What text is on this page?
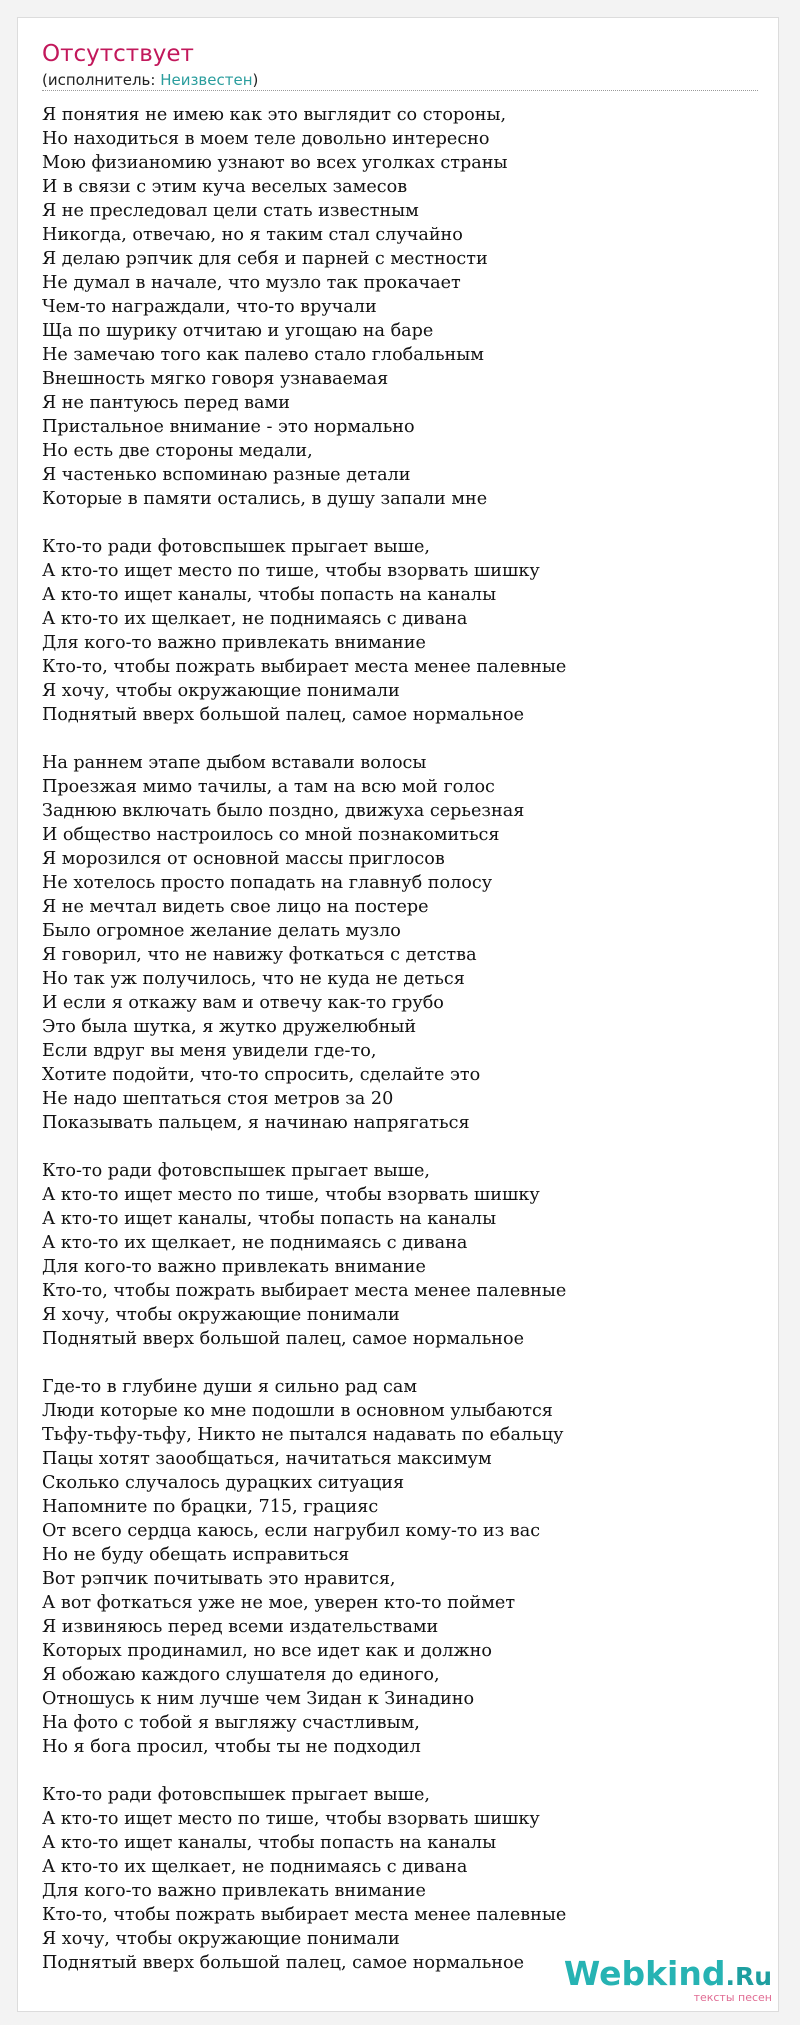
Отсутствует
(исполнитель: Неизвестен)
Я понятия не имею как это выглядит со стороны,
Но находиться в моем теле довольно интересно
Мою физианомию узнают во всех уголках страны
И в связи с этим куча веселых замесов
Я не преследовал цели стать известным
Никогда, отвечаю, но я таким стал случайно
Я делаю рэпчик для себя и парней с местности
Не думал в начале, что музло так прокачает
Чем-то награждали, что-то вручали
Ща по шурику отчитаю и угощаю на баре
Не замечаю того как палево стало глобальным
Внешность мягко говоря узнаваемая
Я не пантуюсь перед вами
Пристальное внимание - это нормально
Но есть две стороны медали,
Я частенько вспоминаю разные детали
Которые в памяти остались, в душу запали мне
Кто-то ради фотовспышек прыгает выше,
А кто-то ищет место по тише, чтобы взорвать шишку
А кто-то ищет каналы, чтобы попасть на каналы
А кто-то их щелкает, не поднимаясь с дивана
Для кого-то важно привлекать внимание
Кто-то, чтобы пожрать выбирает места менее палевные
Я хочу, чтобы окружающие понимали
Поднятый вверх большой палец, самое нормальное
На раннем этапе дыбом вставали волосы
Проезжая мимо тачилы, а там на всю мой голос
Заднюю включать было поздно, движуха серьезная
И общество настроилось со мной познакомиться
Я морозился от основной массы приглосов
Не хотелось просто попадать на главнуб полосу
Я не мечтал видеть свое лицо на постере
Было огромное желание делать музло
Я говорил, что не навижу фоткаться с детства
Но так уж получилось, что не куда не деться
И если я откажу вам и отвечу как-то грубо
Это была шутка, я жутко дружелюбный
Если вдруг вы меня увидели где-то,
Хотите подойти, что-то спросить, сделайте это
Не надо шептаться стоя метров за 20
Показывать пальцем, я начинаю напрягаться
Кто-то ради фотовспышек прыгает выше,
А кто-то ищет место по тише, чтобы взорвать шишку
А кто-то ищет каналы, чтобы попасть на каналы
А кто-то их щелкает, не поднимаясь с дивана
Для кого-то важно привлекать внимание
Кто-то, чтобы пожрать выбирает места менее палевные
Я хочу, чтобы окружающие понимали
Поднятый вверх большой палец, самое нормальное
Где-то в глубине души я сильно рад сам
Люди которые ко мне подошли в основном улыбаются
Тьфу-тьфу-тьфу, Никто не пытался надавать по ебальцу
Пацы хотят заообщаться, начитаться максимум
Сколько случалось дурацких ситуация
Напомните по брацки, 715, грацияс
От всего сердца каюсь, если нагрубил кому-то из вас
Но не буду обещать исправиться
Вот рэпчик почитывать это нравится,
А вот фоткаться уже не мое, уверен кто-то поймет
Я извиняюсь перед всеми издательствами
Которых продинамил, но все идет как и должно
Я обожаю каждого слушателя до единого,
Отношусь к ним лучше чем Зидан к Зинадино
На фото с тобой я выгляжу счастливым,
Но я бога просил, чтобы ты не подходил
Кто-то ради фотовспышек прыгает выше,
А кто-то ищет место по тише, чтобы взорвать шишку
А кто-то ищет каналы, чтобы попасть на каналы
А кто-то их щелкает, не поднимаясь с дивана
Для кого-то важно привлекать внимание
Кто-то, чтобы пожрать выбирает места менее палевные
Я хочу, чтобы окружающие понимали
Поднятый вверх большой палец, самое нормальное	Webkind.Ru
тексты песен
